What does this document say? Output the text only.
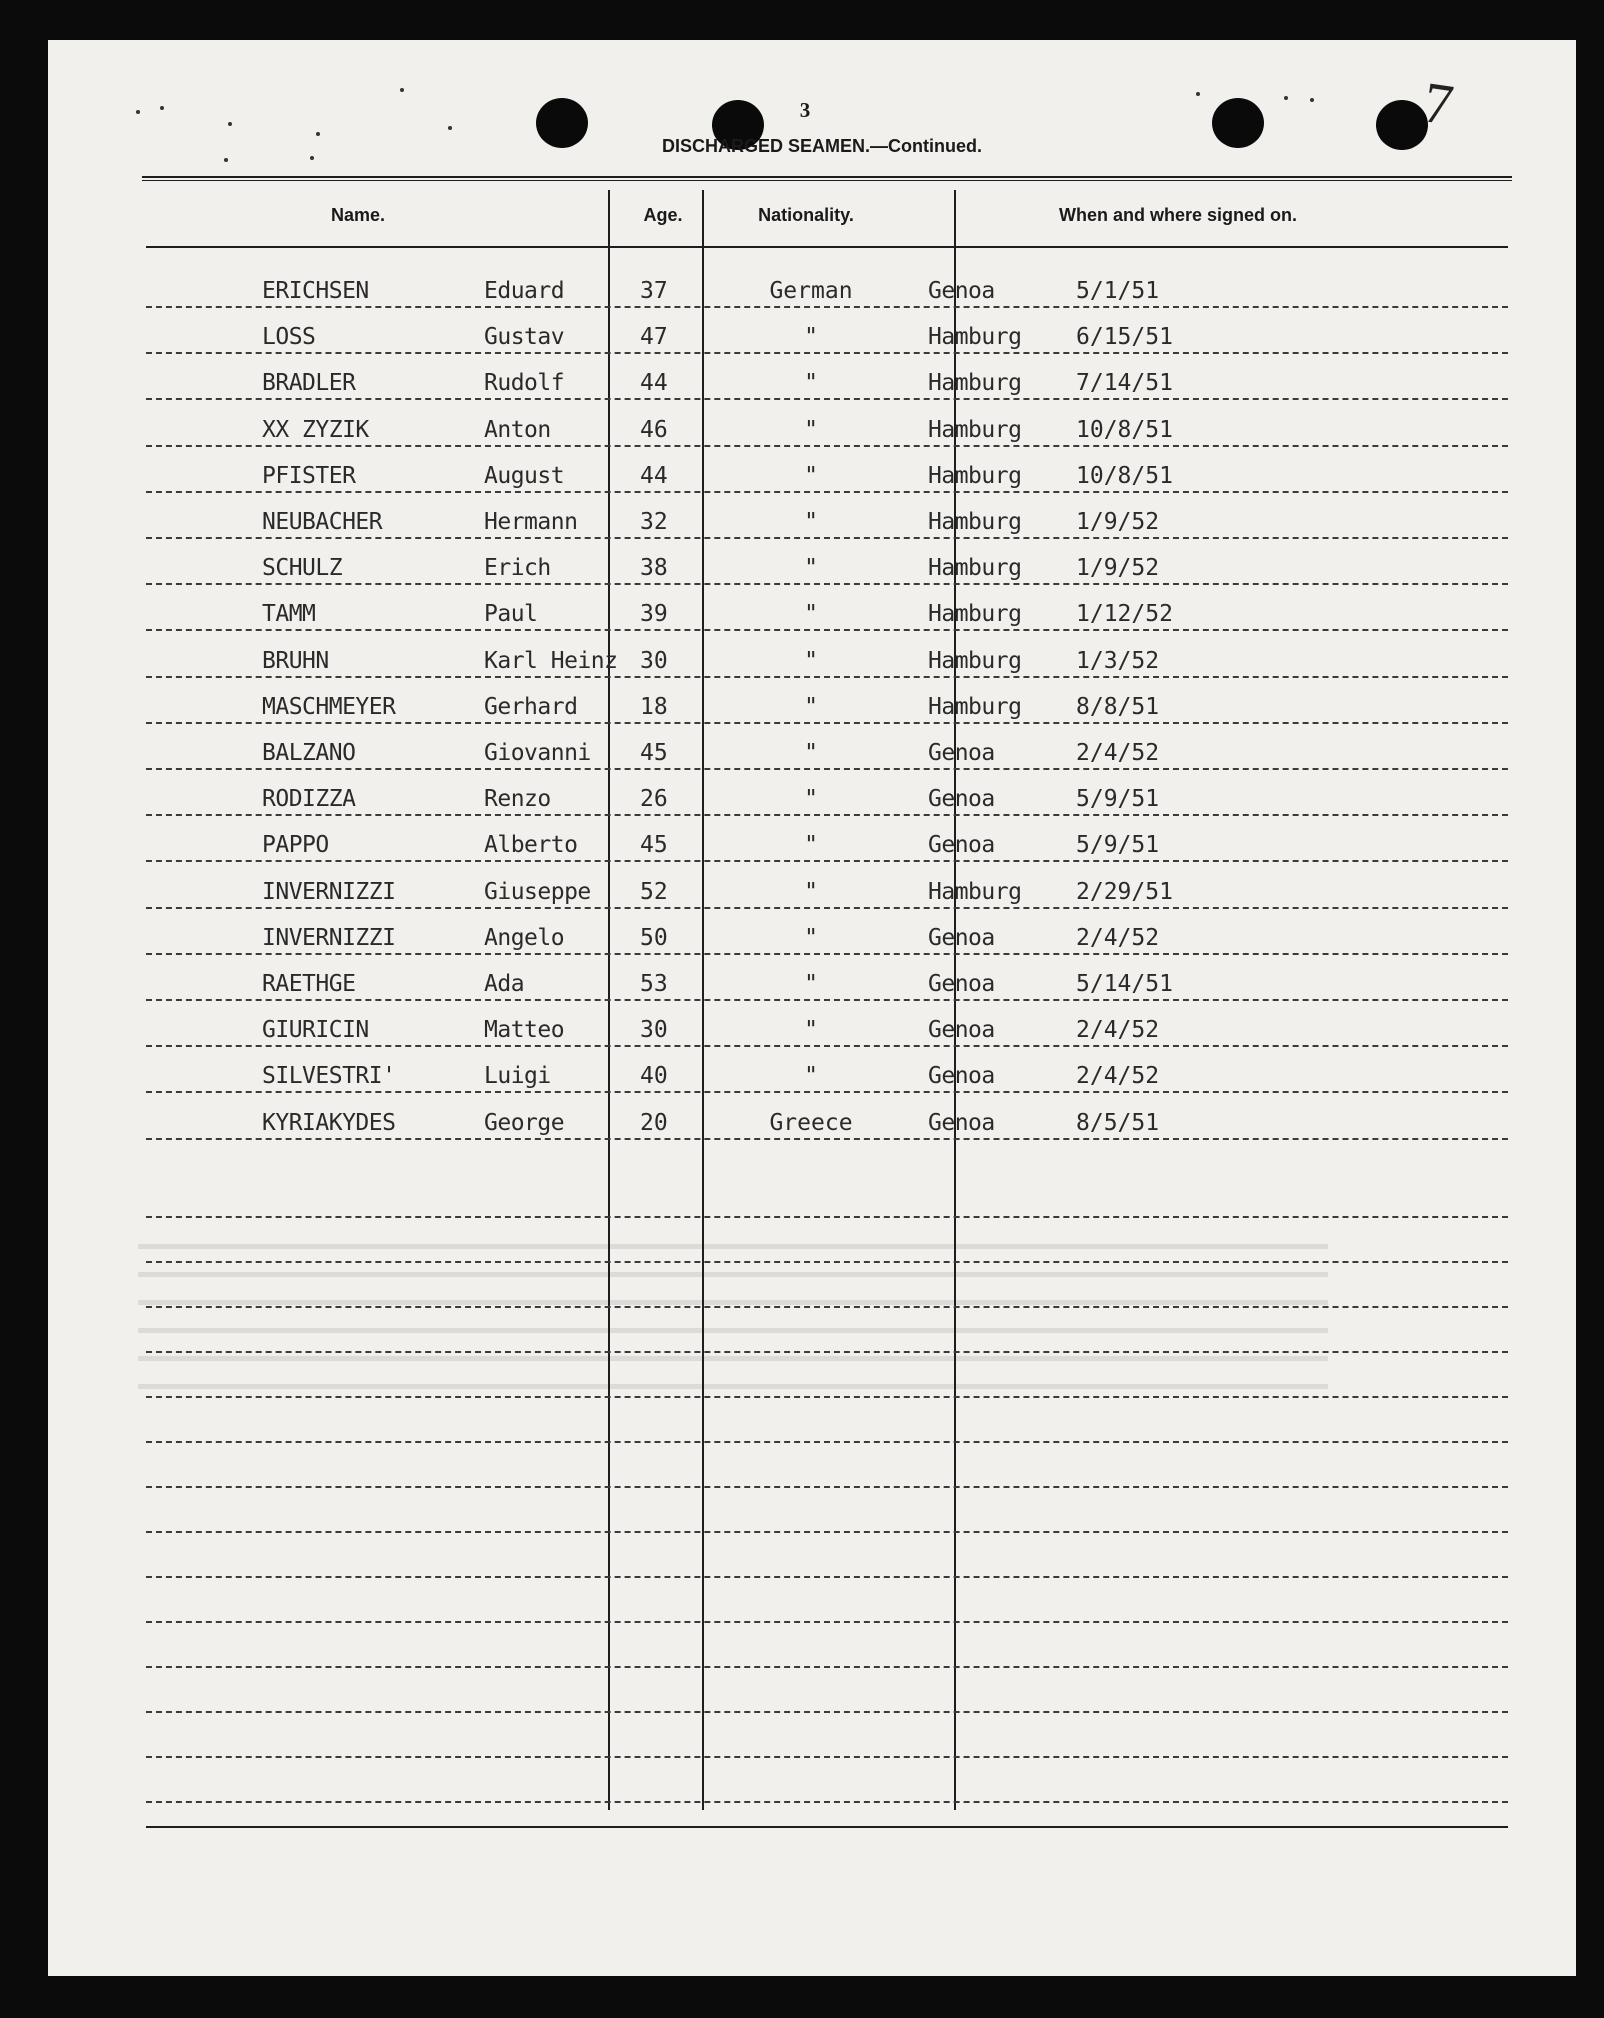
3
DISCHARGED SEAMEN.—Continued.
7
Name.	Age.	Nationality.	When and where signed on.
▬▬▬▬▬▬▬▬▬▬▬▬▬▬▬▬▬▬▬▬▬▬▬▬▬▬▬▬▬▬▬▬▬▬▬▬▬▬▬▬▬▬▬▬▬▬▬▬▬▬▬▬▬▬▬▬▬▬▬▬▬▬▬▬▬▬▬▬▬▬
▬▬▬▬▬▬▬▬▬▬▬▬▬▬▬▬▬▬▬▬▬▬▬▬▬▬▬▬▬▬▬▬▬▬▬▬▬▬▬▬▬▬▬▬▬▬▬▬▬▬▬▬▬▬▬▬▬▬▬▬▬▬▬▬▬▬▬▬▬▬
▬▬▬▬▬▬▬▬▬▬▬▬▬▬▬▬▬▬▬▬▬▬▬▬▬▬▬▬▬▬▬▬▬▬▬▬▬▬▬▬▬▬▬▬▬▬▬▬▬▬▬▬▬▬▬▬▬▬▬▬▬▬▬▬▬▬▬▬▬▬
▬▬▬▬▬▬▬▬▬▬▬▬▬▬▬▬▬▬▬▬▬▬▬▬▬▬▬▬▬▬▬▬▬▬▬▬▬▬▬▬▬▬▬▬▬▬▬▬▬▬▬▬▬▬▬▬▬▬▬▬▬▬▬▬▬▬▬▬▬▬
▬▬▬▬▬▬▬▬▬▬▬▬▬▬▬▬▬▬▬▬▬▬▬▬▬▬▬▬▬▬▬▬▬▬▬▬▬▬▬▬▬▬▬▬▬▬▬▬▬▬▬▬▬▬▬▬▬▬▬▬▬▬▬▬▬▬▬▬▬▬
▬▬▬▬▬▬▬▬▬▬▬▬▬▬▬▬▬▬▬▬▬▬▬▬▬▬▬▬▬▬▬▬▬▬▬▬▬▬▬▬▬▬▬▬▬▬▬▬▬▬▬▬▬▬▬▬▬▬▬▬▬▬▬▬▬▬▬▬▬▬
ERICHSEN	Eduard	37	German	Genoa	5/1/51
LOSS	Gustav	47	"	Hamburg 6/15/51
BRADLER	Rudolf	44	"	Hamburg 7/14/51
XX ZYZIK	Anton	46	"	Hamburg 10/8/51
PFISTER	August	44	"	Hamburg 10/8/51
NEUBACHER	Hermann	32	"	Hamburg 1/9/52
SCHULZ	Erich	38	"	Hamburg 1/9/52
TAMM	Paul	39	"	Hamburg 1/12/52
BRUHN	Karl Heinz 30	"	Hamburg 1/3/52
MASCHMEYER	Gerhard	18	"	Hamburg 8/8/51
BALZANO	Giovanni 45	"	Genoa	2/4/52
RODIZZA	Renzo	26	"	Genoa	5/9/51
PAPPO	Alberto	45	"	Genoa	5/9/51
INVERNIZZI	Giuseppe 52	"	Hamburg 2/29/51
INVERNIZZI	Angelo	50	"	Genoa	2/4/52
RAETHGE	Ada	53	"	Genoa	5/14/51
GIURICIN	Matteo	30	"	Genoa	2/4/52
SILVESTRI'	Luigi	40	"	Genoa	2/4/52
KYRIAKYDES	George	20	Greece	Genoa	8/5/51
